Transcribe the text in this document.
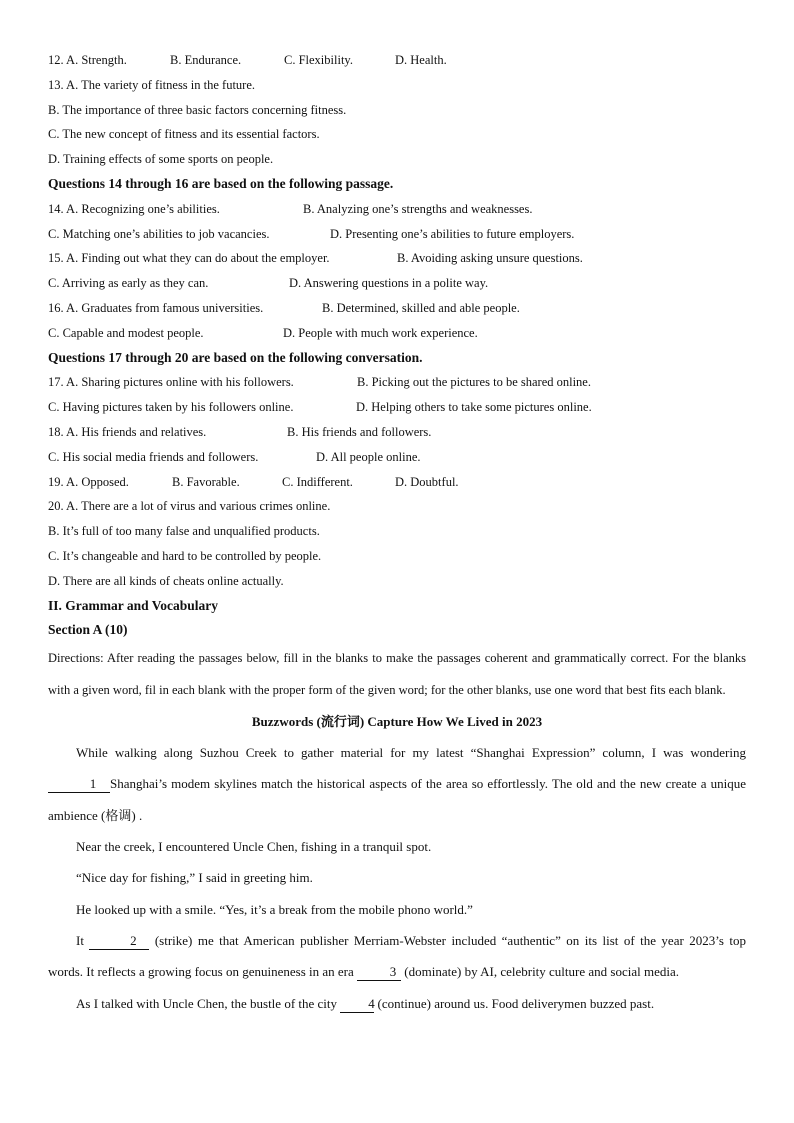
12. A. Strength.	B. Endurance.	C. Flexibility.	D. Health.
13. A. The variety of fitness in the future.
B. The importance of three basic factors concerning fitness.
C. The new concept of fitness and its essential factors.
D. Training effects of some sports on people.
Questions 14 through 16 are based on the following passage.
14. A. Recognizing one’s abilities.	B. Analyzing one’s strengths and weaknesses.
C. Matching one’s abilities to job vacancies.	D. Presenting one’s abilities to future employers.
15. A. Finding out what they can do about the employer.	B. Avoiding asking unsure questions.
C. Arriving as early as they can.	D. Answering questions in a polite way.
16. A. Graduates from famous universities.	B. Determined, skilled and able people.
C. Capable and modest people.	D. People with much work experience.
Questions 17 through 20 are based on the following conversation.
17. A. Sharing pictures online with his followers.	B. Picking out the pictures to be shared online.
C. Having pictures taken by his followers online.	D. Helping others to take some pictures online.
18. A. His friends and relatives.	B. His friends and followers.
C. His social media friends and followers.	D. All people online.
19. A. Opposed.	B. Favorable.	C. Indifferent.	D. Doubtful.
20. A. There are a lot of virus and various crimes online.
B. It’s full of too many false and unqualified products.
C. It’s changeable and hard to be controlled by people.
D. There are all kinds of cheats online actually.
II. Grammar and Vocabulary
Section A (10)
Directions: After reading the passages below, fill in the blanks to make the passages coherent and grammatically correct. For the blanks with a given word, fil in each blank with the proper form of the given word; for the other blanks, use one word that best fits each blank.
Buzzwords (流行词) Capture How We Lived in 2023
While walking along Suzhou Creek to gather material for my latest “Shanghai Expression” column, I was wondering 1 Shanghai’s modem skylines match the historical aspects of the area so effortlessly. The old and the new create a unique ambience (格调) .
Near the creek, I encountered Uncle Chen, fishing in a tranquil spot.
“Nice day for fishing,” I said in greeting him.
He looked up with a smile. “Yes, it’s a break from the mobile phono world.”
It	2 (strike) me that American publisher Merriam-Webster included “authentic” on its list of the year 2023’s top words. It reflects a growing focus on genuineness in an era	3 (dominate) by AI, celebrity culture and social media.
As I talked with Uncle Chen, the bustle of the city 4 (continue) around us. Food deliverymen buzzed past.
